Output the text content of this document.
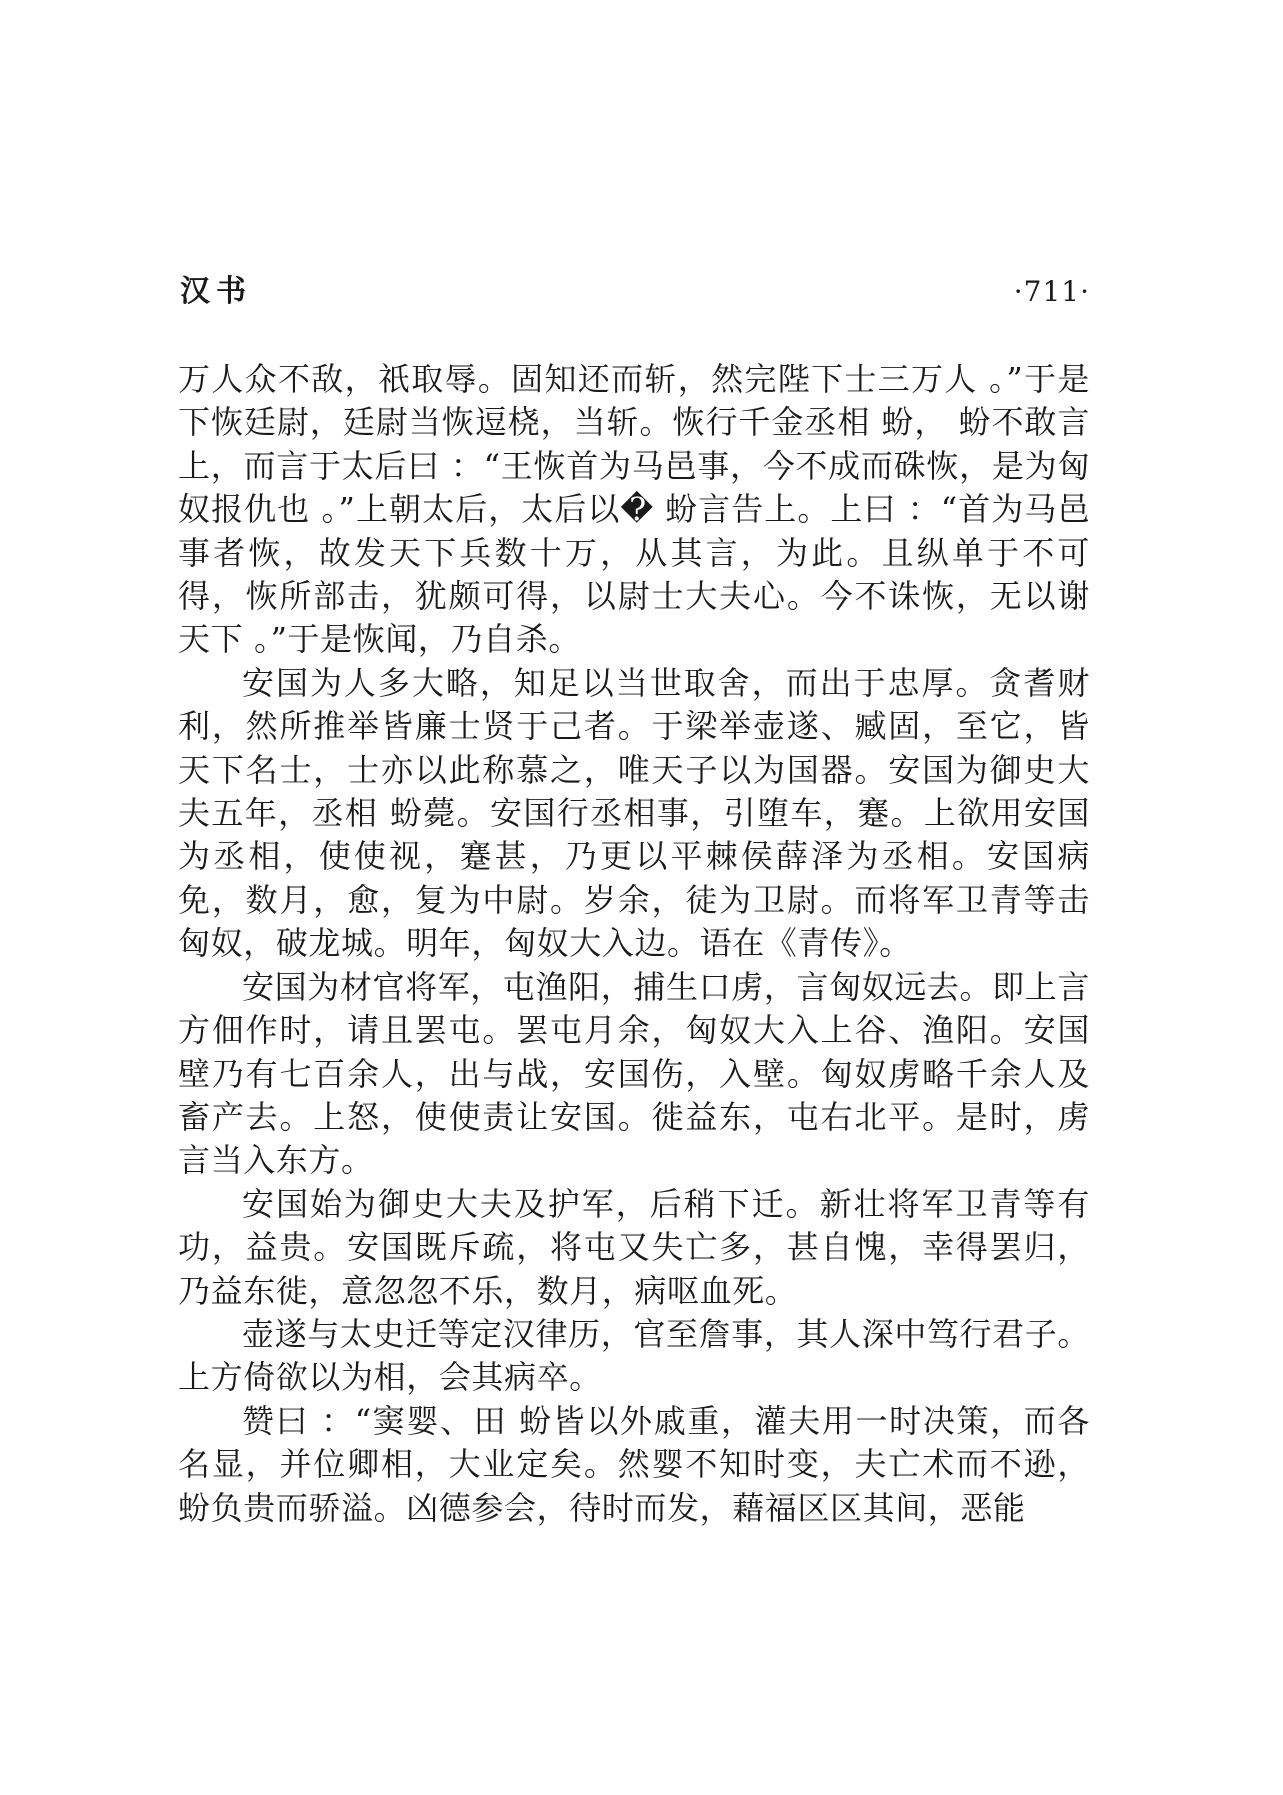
汉书	·711·

万人众不敌，祇取辱。固知还而斩，然完陛下士三万人 。”于是下恢廷尉，廷尉当恢逗桡，当斩。恢行千金丞相 蚡， 蚡不敢言上，而言于太后曰 ：“王恢首为马邑事，今不成而硃恢，是为匈奴报仇也 。”上朝太后，太后以� 蚡言告上。上曰 ：“首为马邑事者恢，故发天下兵数十万，从其言，为此。且纵单于不可得，恢所部击，犹颇可得，以尉士大夫心。今不诛恢，无以谢天下 。”于是恢闻，乃自杀。

安国为人多大略，知足以当世取舍，而出于忠厚。贪耆财利，然所推举皆廉士贤于己者。于梁举壶遂、臧固，至它，皆天下名士，士亦以此称慕之，唯天子以为国器。安国为御史大夫五年，丞相 蚡薨。安国行丞相事，引堕车，蹇。上欲用安国为丞相，使使视，蹇甚，乃更以平棘侯薛泽为丞相。安国病免，数月，愈，复为中尉。岁余，徒为卫尉。而将军卫青等击匈奴，破龙城。明年，匈奴大入边。语在《青传》。

安国为材官将军，屯渔阳，捕生口虏，言匈奴远去。即上言方佃作时，请且罢屯。罢屯月余，匈奴大入上谷、渔阳。安国壁乃有七百余人，出与战，安国伤，入壁。匈奴虏略千余人及畜产去。上怒，使使责让安国。徙益东，屯右北平。是时，虏言当入东方。

安国始为御史大夫及护军，后稍下迁。新壮将军卫青等有功，益贵。安国既斥疏，将屯又失亡多，甚自愧，幸得罢归，乃益东徙，意忽忽不乐，数月，病呕血死。

壶遂与太史迁等定汉律历，官至詹事，其人深中笃行君子。上方倚欲以为相，会其病卒。

赞曰 ：“窦婴、田 蚡皆以外戚重，灌夫用一时决策，而各名显，并位卿相，大业定矣。然婴不知时变，夫亡术而不逊， 蚡负贵而骄溢。凶德参会，待时而发，藉福区区其间，恶能
